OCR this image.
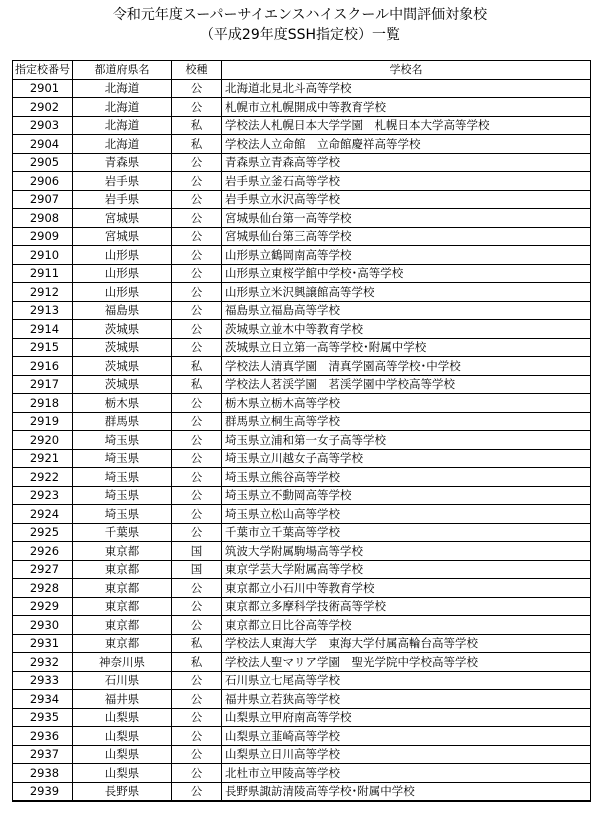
令和元年度スーパーサイエンスハイスクール中間評価対象校
（平成29年度SSH指定校）一覧
指定校番号	都道府県名	校種	学校名
2901	北海道	公	北海道北見北斗高等学校
2902	北海道	公	札幌市立札幌開成中等教育学校
2903	北海道	私	学校法人札幌日本大学学園　札幌日本大学高等学校
2904	北海道	私	学校法人立命館　立命館慶祥高等学校
2905	青森県	公	青森県立青森高等学校
2906	岩手県	公	岩手県立釜石高等学校
2907	岩手県	公	岩手県立水沢高等学校
2908	宮城県	公	宮城県仙台第一高等学校
2909	宮城県	公	宮城県仙台第三高等学校
2910	山形県	公	山形県立鶴岡南高等学校
2911	山形県	公	山形県立東桜学館中学校･高等学校
2912	山形県	公	山形県立米沢興譲館高等学校
2913	福島県	公	福島県立福島高等学校
2914	茨城県	公	茨城県立並木中等教育学校
2915	茨城県	公	茨城県立日立第一高等学校･附属中学校
2916	茨城県	私	学校法人清真学園　清真学園高等学校･中学校
2917	茨城県	私	学校法人茗渓学園　茗渓学園中学校高等学校
2918	栃木県	公	栃木県立栃木高等学校
2919	群馬県	公	群馬県立桐生高等学校
2920	埼玉県	公	埼玉県立浦和第一女子高等学校
2921	埼玉県	公	埼玉県立川越女子高等学校
2922	埼玉県	公	埼玉県立熊谷高等学校
2923	埼玉県	公	埼玉県立不動岡高等学校
2924	埼玉県	公	埼玉県立松山高等学校
2925	千葉県	公	千葉市立千葉高等学校
2926	東京都	国	筑波大学附属駒場高等学校
2927	東京都	国	東京学芸大学附属高等学校
2928	東京都	公	東京都立小石川中等教育学校
2929	東京都	公	東京都立多摩科学技術高等学校
2930	東京都	公	東京都立日比谷高等学校
2931	東京都	私	学校法人東海大学　東海大学付属高輪台高等学校
2932	神奈川県	私	学校法人聖マリア学園　聖光学院中学校高等学校
2933	石川県	公	石川県立七尾高等学校
2934	福井県	公	福井県立若狭高等学校
2935	山梨県	公	山梨県立甲府南高等学校
2936	山梨県	公	山梨県立韮崎高等学校
2937	山梨県	公	山梨県立日川高等学校
2938	山梨県	公	北杜市立甲陵高等学校
2939	長野県	公	長野県諏訪清陵高等学校･附属中学校
